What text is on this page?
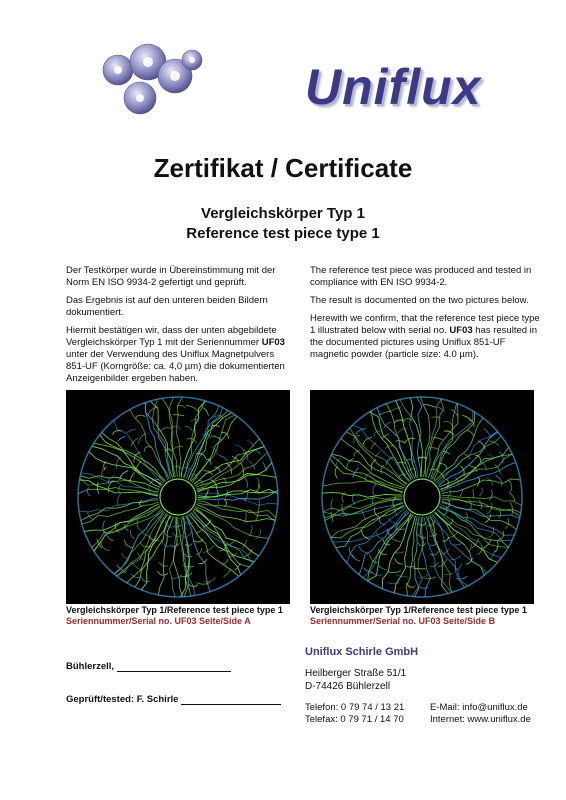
Uniflux
Zertifikat / Certificate
Vergleichskörper Typ 1
Reference test piece type 1

Der Testkörper wurde in Übereinstimmung mit der Norm EN ISO 9934-2 gefertigt und geprüft.

Das Ergebnis ist auf den unteren beiden Bildern dokumentiert.

Hiermit bestätigen wir, dass der unten abgebildete Vergleichskörper Typ 1 mit der Seriennummer UF03 unter der Verwendung des Uniflux Magnetpulvers 851-UF (Korngröße: ca. 4,0 µm) die dokumentierten Anzeigenbilder ergeben haben.

The reference test piece was produced and tested in compliance with EN ISO 9934-2.

The result is documented on the two pictures below.

Herewith we confirm, that the reference test piece type 1 illustrated below with serial no. UF03 has resulted in the documented pictures using Uniflux 851-UF magnetic powder (particle size: 4.0 µm).

Vergleichskörper Typ 1/Reference test piece type 1
Seriennummer/Serial no. UF03 Seite/Side A
Vergleichskörper Typ 1/Reference test piece type 1
Seriennummer/Serial no. UF03 Seite/Side B
Bühlerzell,
Geprüft/tested: F. Schirle
Uniflux Schirle GmbH
Heilberger Straße 51/1
D-74426 Bühlerzell
Telefon: 0 79 74 / 13 21
Telefax: 0 79 71 / 14 70
E-Mail: info@uniflux.de
Internet: www.uniflux.de
